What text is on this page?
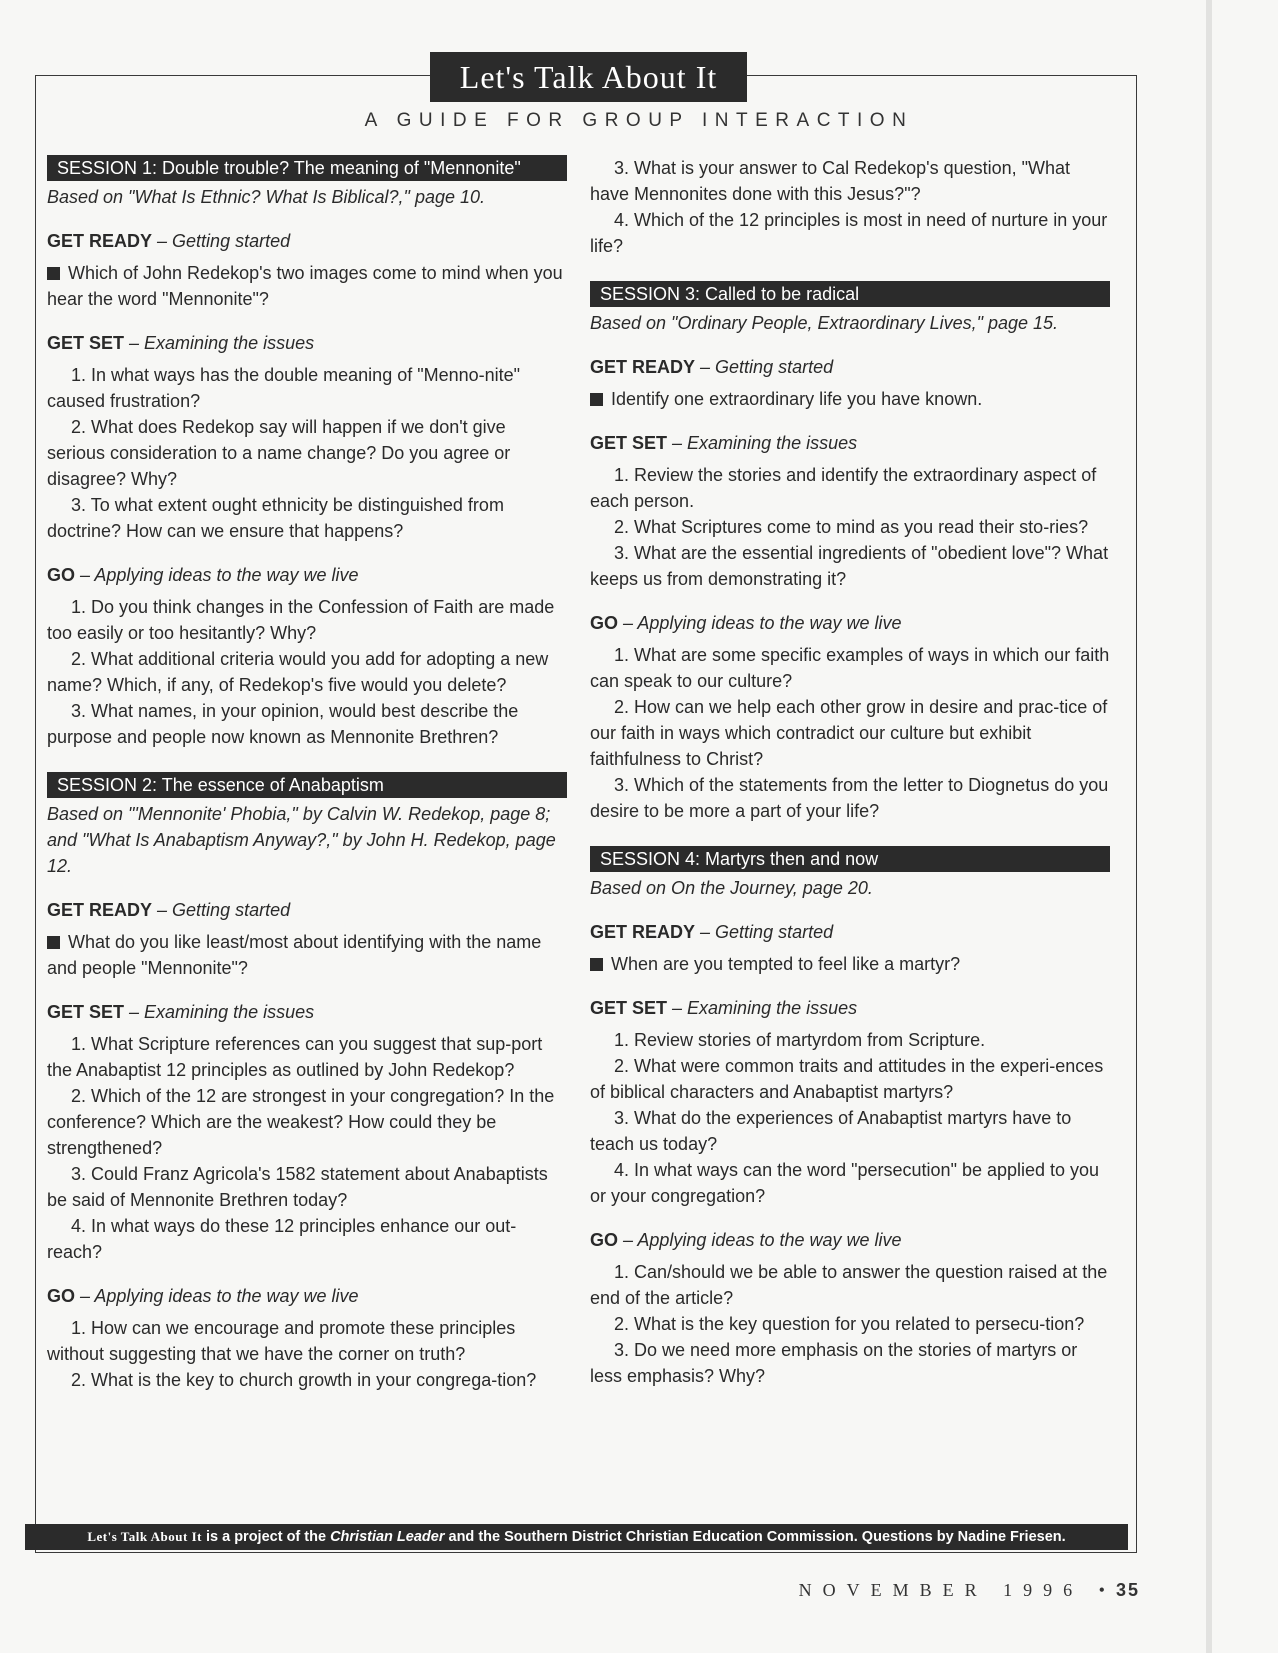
Let's Talk About It
A GUIDE FOR GROUP INTERACTION
SESSION 1: Double trouble? The meaning of "Mennonite"

Based on "What Is Ethnic? What Is Biblical?," page 10.

GET READY – Getting started

Which of John Redekop's two images come to mind when you hear the word "Mennonite"?

GET SET – Examining the issues

1. In what ways has the double meaning of "Menno-nite" caused frustration?

2. What does Redekop say will happen if we don't give serious consideration to a name change? Do you agree or disagree? Why?

3. To what extent ought ethnicity be distinguished from doctrine? How can we ensure that happens?

GO – Applying ideas to the way we live

1. Do you think changes in the Confession of Faith are made too easily or too hesitantly? Why?

2. What additional criteria would you add for adopting a new name? Which, if any, of Redekop's five would you delete?

3. What names, in your opinion, would best describe the purpose and people now known as Mennonite Brethren?

SESSION 2: The essence of Anabaptism

Based on "'Mennonite' Phobia," by Calvin W. Redekop, page 8; and "What Is Anabaptism Anyway?," by John H. Redekop, page 12.

GET READY – Getting started

What do you like least/most about identifying with the name and people "Mennonite"?

GET SET – Examining the issues

1. What Scripture references can you suggest that sup-port the Anabaptist 12 principles as outlined by John Redekop?

2. Which of the 12 are strongest in your congregation? In the conference? Which are the weakest? How could they be strengthened?

3. Could Franz Agricola's 1582 statement about Anabaptists be said of Mennonite Brethren today?

4. In what ways do these 12 principles enhance our out-reach?

GO – Applying ideas to the way we live

1. How can we encourage and promote these principles without suggesting that we have the corner on truth?

2. What is the key to church growth in your congrega-tion?

3. What is your answer to Cal Redekop's question, "What have Mennonites done with this Jesus?"?

4. Which of the 12 principles is most in need of nurture in your life?

SESSION 3: Called to be radical

Based on "Ordinary People, Extraordinary Lives," page 15.

GET READY – Getting started

Identify one extraordinary life you have known.

GET SET – Examining the issues

1. Review the stories and identify the extraordinary aspect of each person.

2. What Scriptures come to mind as you read their sto-ries?

3. What are the essential ingredients of "obedient love"? What keeps us from demonstrating it?

GO – Applying ideas to the way we live

1. What are some specific examples of ways in which our faith can speak to our culture?

2. How can we help each other grow in desire and prac-tice of our faith in ways which contradict our culture but exhibit faithfulness to Christ?

3. Which of the statements from the letter to Diognetus do you desire to be more a part of your life?

SESSION 4: Martyrs then and now

Based on On the Journey, page 20.

GET READY – Getting started

When are you tempted to feel like a martyr?

GET SET – Examining the issues

1. Review stories of martyrdom from Scripture.

2. What were common traits and attitudes in the experi-ences of biblical characters and Anabaptist martyrs?

3. What do the experiences of Anabaptist martyrs have to teach us today?

4. In what ways can the word "persecution" be applied to you or your congregation?

GO – Applying ideas to the way we live

1. Can/should we be able to answer the question raised at the end of the article?

2. What is the key question for you related to persecu-tion?

3. Do we need more emphasis on the stories of martyrs or less emphasis? Why?

Let's Talk About It is a project of the Christian Leader and the Southern District Christian Education Commission. Questions by Nadine Friesen.
NOVEMBER 1996 •35
